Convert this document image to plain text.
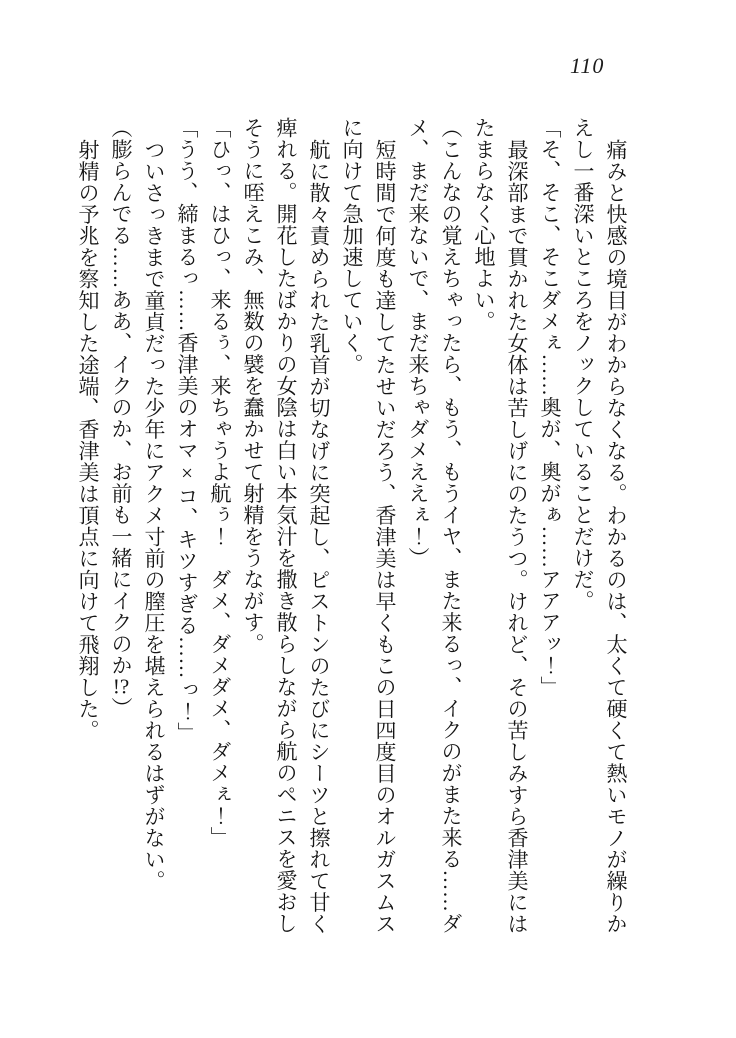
110

痛みと快感の境目がわからなくなる。わかるのは、太くて硬くて熱いモノが繰りか

えし一番深いところをノックしていることだけだ。

「そ、そこ、そこダメぇ……奥が、奥がぁ……アアアッ！」

最深部まで貫かれた女体は苦しげにのたうつ。けれど、その苦しみすら香津美には

たまらなく心地よい。

（こんなの覚えちゃったら、もう、もうイヤ、また来るっ、イクのがまた来る……ダ

メ、まだ来ないで、まだ来ちゃダメええぇ！）

短時間で何度も達してたせいだろう、香津美は早くもこの日四度目のオルガスムス

に向けて急加速していく。

航に散々責められた乳首が切なげに突起し、ピストンのたびにシーツと擦れて甘く

痺れる。開花したばかりの女陰は白い本気汁を撒き散らしながら航のペニスを愛おし

そうに咥えこみ、無数の襞を蠢かせて射精をうながす。

「ひっ、はひっ、来るぅ、来ちゃうよ航ぅ！　ダメ、ダメダメ、ダメぇ！」

「うう、締まるっ……香津美のオマ×コ、キツすぎる……っ！」

ついさっきまで童貞だった少年にアクメ寸前の膣圧を堪えられるはずがない。

（膨らんでる……ああ、イクのか、お前も一緒にイクのか!?）

射精の予兆を察知した途端、香津美は頂点に向けて飛翔した。
